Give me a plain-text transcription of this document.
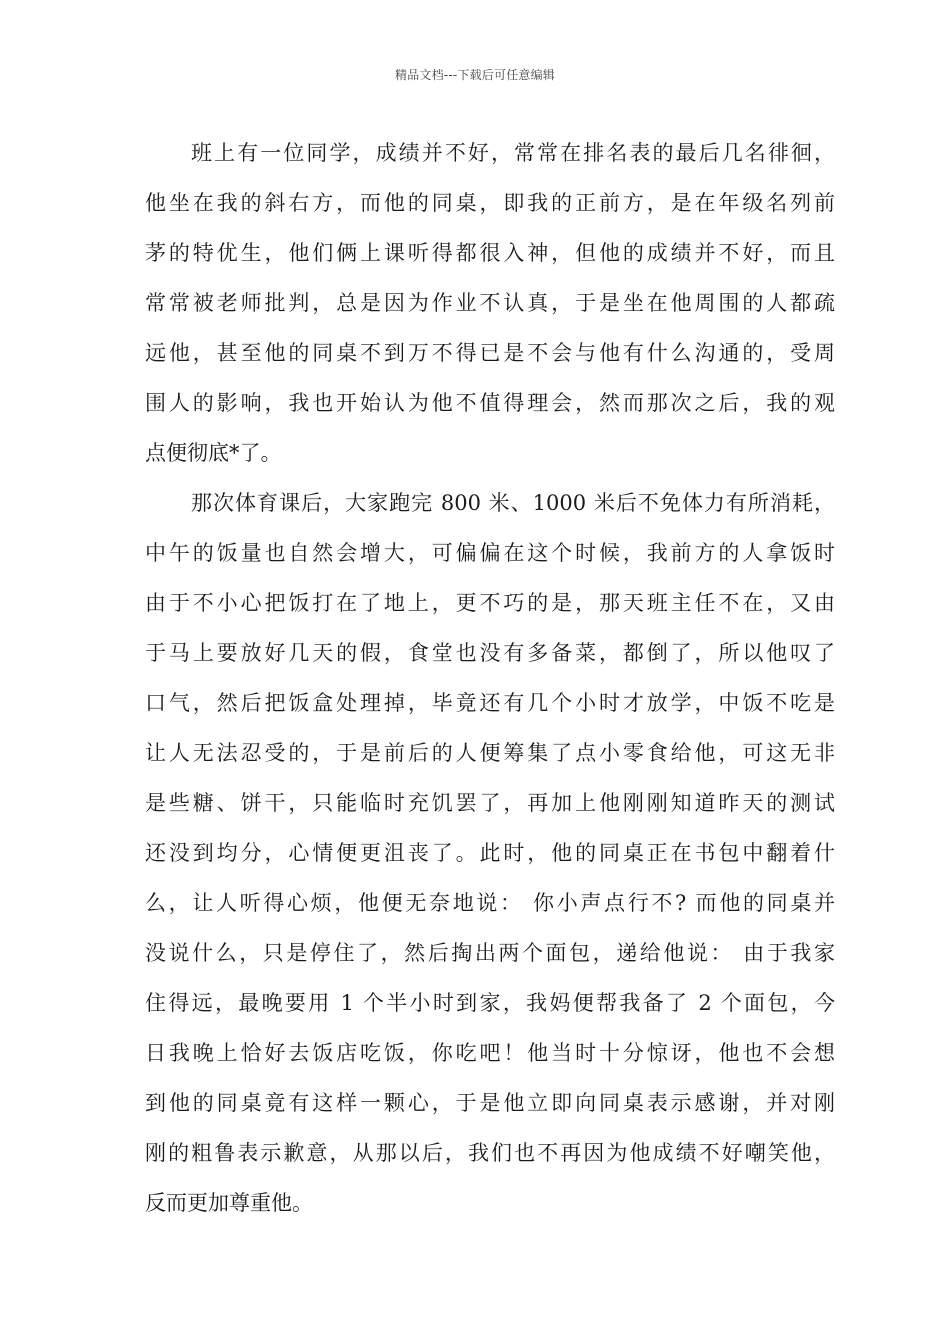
精品文档---下载后可任意编辑
班上有一位同学，成绩并不好，常常在排名表的最后几名徘徊，
他坐在我的斜右方，而他的同桌，即我的正前方，是在年级名列前
茅的特优生，他们俩上课听得都很入神，但他的成绩并不好，而且
常常被老师批判，总是因为作业不认真，于是坐在他周围的人都疏
远他，甚至他的同桌不到万不得已是不会与他有什么沟通的，受周
围人的影响，我也开始认为他不值得理会，然而那次之后，我的观
点便彻底*了。
那次体育课后，大家跑完 800 米、1000 米后不免体力有所消耗，
中午的饭量也自然会增大，可偏偏在这个时候，我前方的人拿饭时
由于不小心把饭打在了地上，更不巧的是，那天班主任不在，又由
于马上要放好几天的假，食堂也没有多备菜，都倒了，所以他叹了
口气，然后把饭盒处理掉，毕竟还有几个小时才放学，中饭不吃是
让人无法忍受的，于是前后的人便筹集了点小零食给他，可这无非
是些糖、饼干，只能临时充饥罢了，再加上他刚刚知道昨天的测试
还没到均分，心情便更沮丧了。此时，他的同桌正在书包中翻着什
么，让人听得心烦，他便无奈地说： 你小声点行不? 而他的同桌并
没说什么，只是停住了，然后掏出两个面包，递给他说： 由于我家
住得远，最晚要用 1 个半小时到家，我妈便帮我备了 2 个面包，今
日我晚上恰好去饭店吃饭，你吃吧！他当时十分惊讶，他也不会想
到他的同桌竟有这样一颗心，于是他立即向同桌表示感谢，并对刚
刚的粗鲁表示歉意，从那以后，我们也不再因为他成绩不好嘲笑他，
反而更加尊重他。
